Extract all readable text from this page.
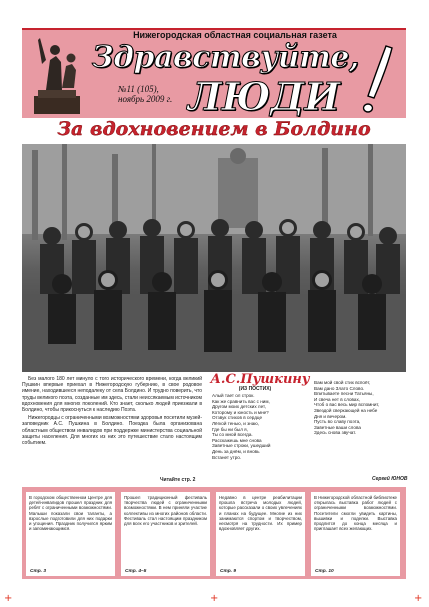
Нижегородская областная социальная газета
Здравствуйте,
ЛЮДИ
№11 (105),
ноябрь 2009 г.
За вдохновением в Болдино

Без малого 180 лет минуло с того исторического времени, когда великий Пушкин впервые приехал в Нижегородскую губернию, в свое родовое имение, находившееся неподалеку от села Болдино. И трудно поверить, что труды великого поэта, созданные им здесь, стали неиссякаемым источником вдохновения для многих поколений. Кто знает, сколько людей приезжали в Болдино, чтобы прикоснуться к наследию Поэта.

Нижегородцы с ограниченными возможностями здоровья посетили музей-заповедник А.С. Пушкина в Болдино. Поездка была организована областным обществом инвалидов при поддержке министерства социальной защиты населения. Для многих из них это путешествие стало настоящим событием.

Читайте стр. 2
А.С.Пушкину
(ИЗ ПОСТИХ)
Алый тает ол строк.
Как же сравнить вас с ним,
Другом моих детских лет,
Которому и юность и мне?
Отзвук стихов в сердце
Лёгкой тенью, и знаю,
Где бы ни был я,
Ты со мной всегда.
Расскажешь мне снова
Заветные строки, ушедший
День за днём, и вновь
Встанет утро.
Вам мой свой стих вспоёт,
Вам дано Злато Слово.
Впитываете песни Татьяны,
И свеча нет в словах,
Чтоб о вас весь мир вспомнит,
Звездой сверкающей на небе
Дня и вечером.
Пусть во славу поэта,
Заветные ваши слова
Здесь снова звучат.
Сергей ЮНОВ
В городском общественном Центре для детей-инвалидов прошел праздник для ребят с ограниченными возможностями. Малыши показали свои таланты, а взрослые подготовили для них подарки и угощения. Праздник получился ярким и запоминающимся.
Стр. 3
Прошел традиционный фестиваль творчества людей с ограниченными возможностями. В нем приняли участие коллективы из многих районов области. Фестиваль стал настоящим праздником для всех его участников и зрителей.
Стр. 4–5
Недавно в центре реабилитации прошла встреча молодых людей, которые рассказали о своих увлечениях и планах на будущее. Многие из них занимаются спортом и творчеством, несмотря на трудности. Их пример вдохновляет других.
Стр. 9
В Нижегородской областной библиотеке открылась выставка работ людей с ограниченными возможностями. Посетители смогли увидеть картины, вышивки и поделки. Выставка продлится до конца месяца и приглашает всех желающих.
Стр. 10
+	+	+
